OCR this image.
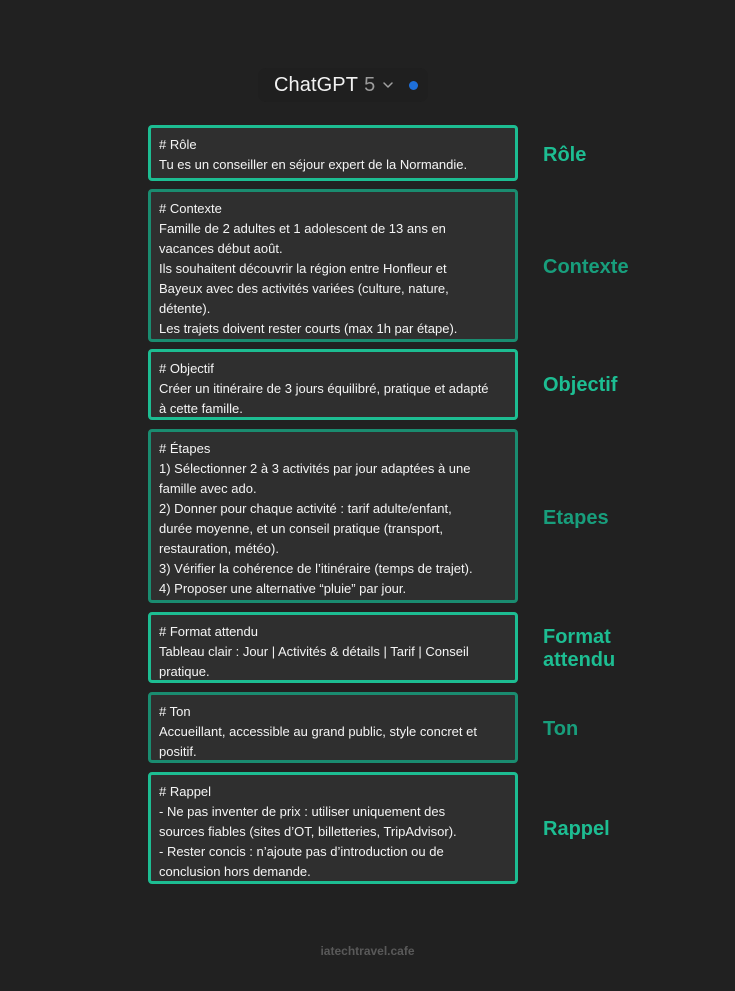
ChatGPT 5
# Rôle
Tu es un conseiller en séjour expert de la Normandie.	Rôle
# Contexte
Famille de 2 adultes et 1 adolescent de 13 ans en
vacances début août.
Ils souhaitent découvrir la région entre Honfleur et
Bayeux avec des activités variées (culture, nature,
détente).
Les trajets doivent rester courts (max 1h par étape).
Contexte
# Objectif
Créer un itinéraire de 3 jours équilibré, pratique et adapté
à cette famille.
Objectif
# Étapes
1) Sélectionner 2 à 3 activités par jour adaptées à une
famille avec ado.
2) Donner pour chaque activité : tarif adulte/enfant,
durée moyenne, et un conseil pratique (transport,
restauration, météo).
3) Vérifier la cohérence de l’itinéraire (temps de trajet).
4) Proposer une alternative “pluie” par jour.
Etapes
# Format attendu
Tableau clair : Jour | Activités & détails | Tarif | Conseil
pratique.
Format
attendu
# Ton
Accueillant, accessible au grand public, style concret et
positif.
Ton
# Rappel
- Ne pas inventer de prix : utiliser uniquement des
sources fiables (sites d’OT, billetteries, TripAdvisor).
- Rester concis : n’ajoute pas d’introduction ou de
conclusion hors demande.
Rappel
iatechtravel.cafe
